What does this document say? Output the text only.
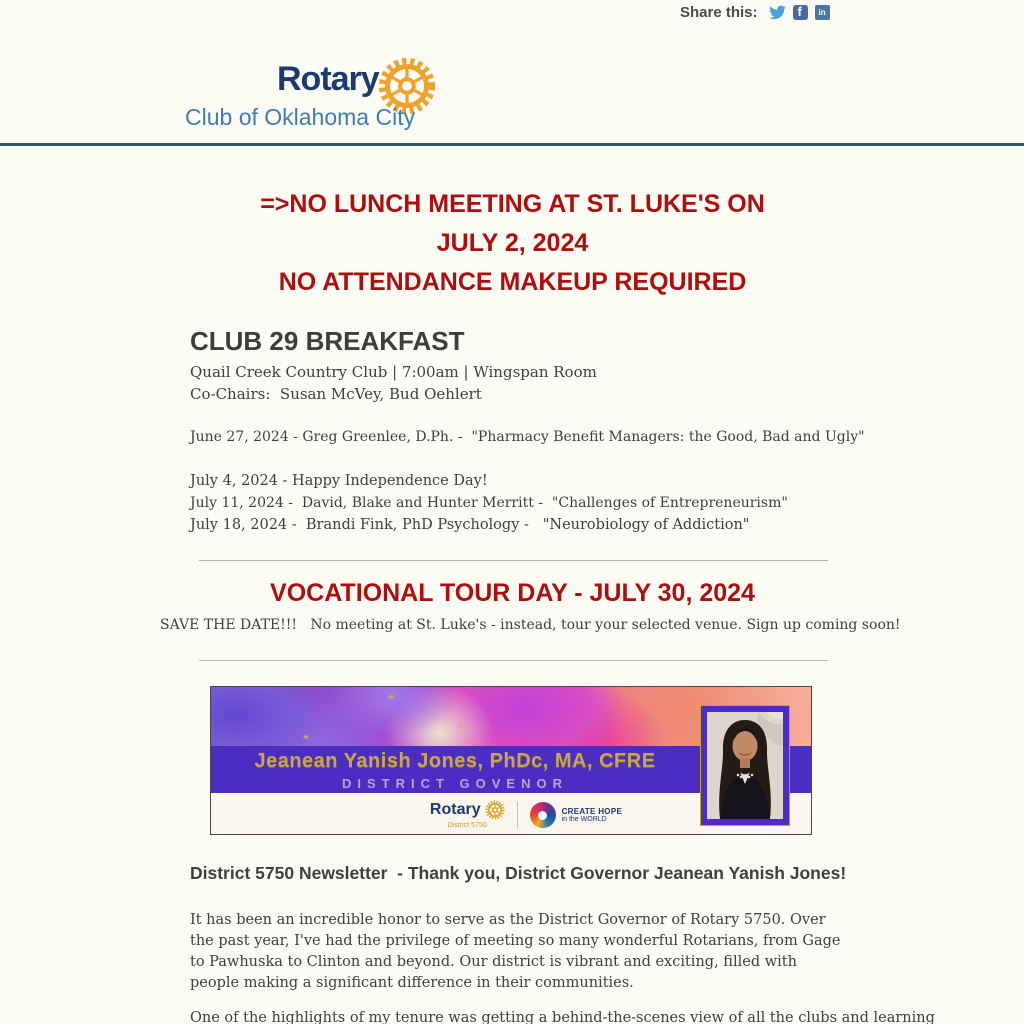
Share this:	f in
Rotary
Club of Oklahoma City
=>NO LUNCH MEETING AT ST. LUKE'S ON
JULY 2, 2024
NO ATTENDANCE MAKEUP REQUIRED
CLUB 29 BREAKFAST
Quail Creek Country Club | 7:00am | Wingspan Room
Co-Chairs:  Susan McVey, Bud Oehlert
June 27, 2024 - Greg Greenlee, D.Ph. -  "Pharmacy Benefit Managers: the Good, Bad and Ugly"
July 4, 2024 - Happy Independence Day!
July 11, 2024 -  David, Blake and Hunter Merritt -  "Challenges of Entrepreneurism"
July 18, 2024 -  Brandi Fink, PhD Psychology -   "Neurobiology of Addiction"
VOCATIONAL TOUR DAY - JULY 30, 2024
SAVE THE DATE!!!   No meeting at St. Luke's - instead, tour your selected venue. Sign up coming soon!
Jeanean Yanish Jones, PhDc, MA, CFRE
DISTRICT GOVENOR
Rotary
District 5750
CREATE HOPE
in the WORLD
District 5750 Newsletter  - Thank you, District Governor Jeanean Yanish Jones!
It has been an incredible honor to serve as the District Governor of Rotary 5750. Over the past year, I've had the privilege of meeting so many wonderful Rotarians, from Gage to Pawhuska to Clinton and beyond. Our district is vibrant and exciting, filled with people making a significant difference in their communities.
One of the highlights of my tenure was getting a behind-the-scenes view of all the clubs and learning
